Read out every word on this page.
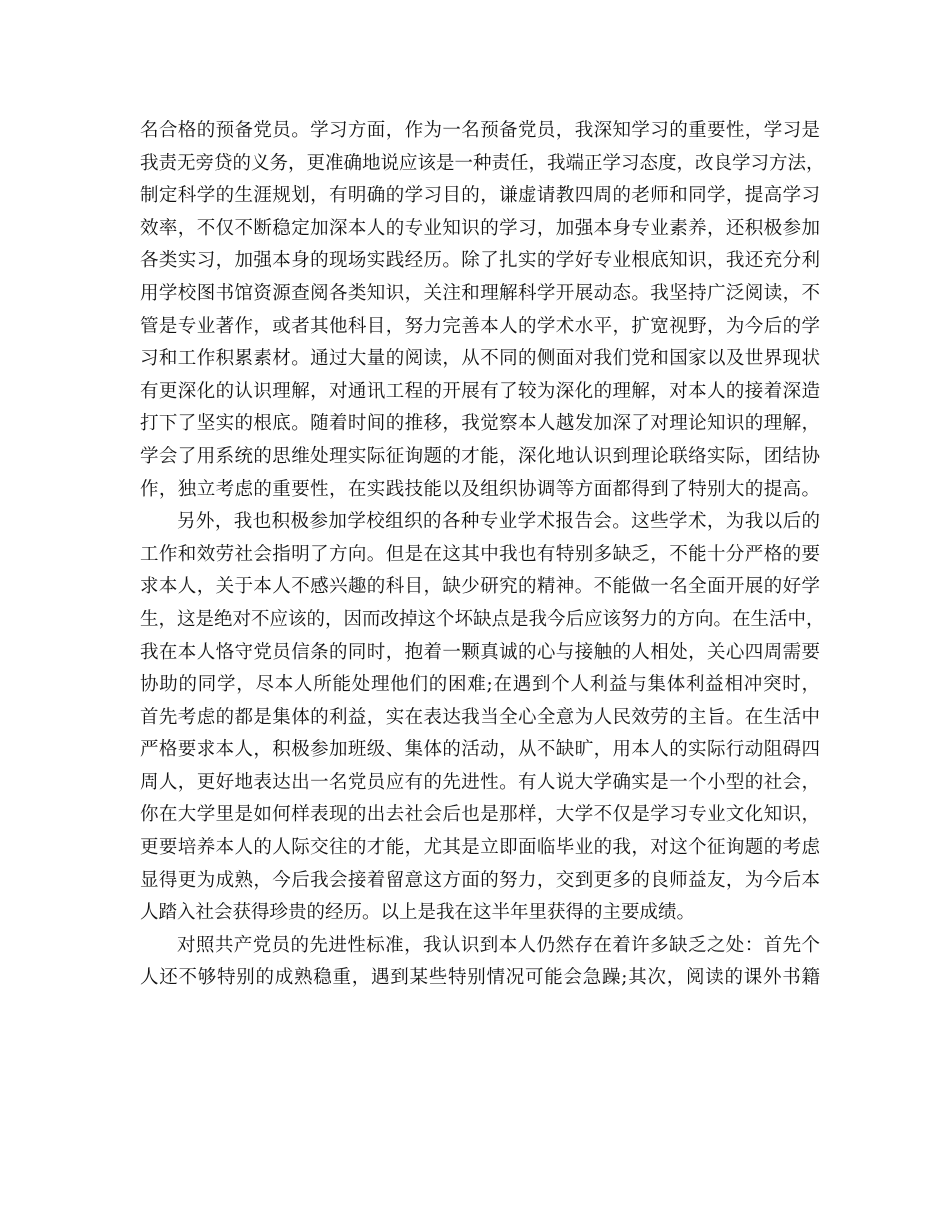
名合格的预备党员。学习方面，作为一名预备党员，我深知学习的重要性，学习是
我责无旁贷的义务，更准确地说应该是一种责任，我端正学习态度，改良学习方法，
制定科学的生涯规划，有明确的学习目的，谦虚请教四周的老师和同学，提高学习
效率，不仅不断稳定加深本人的专业知识的学习，加强本身专业素养，还积极参加
各类实习，加强本身的现场实践经历。除了扎实的学好专业根底知识，我还充分利
用学校图书馆资源查阅各类知识，关注和理解科学开展动态。我坚持广泛阅读，不
管是专业著作，或者其他科目，努力完善本人的学术水平，扩宽视野，为今后的学
习和工作积累素材。通过大量的阅读，从不同的侧面对我们党和国家以及世界现状
有更深化的认识理解，对通讯工程的开展有了较为深化的理解，对本人的接着深造
打下了坚实的根底。随着时间的推移，我觉察本人越发加深了对理论知识的理解，
学会了用系统的思维处理实际征询题的才能，深化地认识到理论联络实际，团结协
作，独立考虑的重要性，在实践技能以及组织协调等方面都得到了特别大的提高。
另外，我也积极参加学校组织的各种专业学术报告会。这些学术，为我以后的
工作和效劳社会指明了方向。但是在这其中我也有特别多缺乏，不能十分严格的要
求本人，关于本人不感兴趣的科目，缺少研究的精神。不能做一名全面开展的好学
生，这是绝对不应该的，因而改掉这个坏缺点是我今后应该努力的方向。在生活中，
我在本人恪守党员信条的同时，抱着一颗真诚的心与接触的人相处，关心四周需要
协助的同学，尽本人所能处理他们的困难;在遇到个人利益与集体利益相冲突时，
首先考虑的都是集体的利益，实在表达我当全心全意为人民效劳的主旨。在生活中
严格要求本人，积极参加班级、集体的活动，从不缺旷，用本人的实际行动阻碍四
周人，更好地表达出一名党员应有的先进性。有人说大学确实是一个小型的社会，
你在大学里是如何样表现的出去社会后也是那样，大学不仅是学习专业文化知识，
更要培养本人的人际交往的才能，尤其是立即面临毕业的我，对这个征询题的考虑
显得更为成熟，今后我会接着留意这方面的努力，交到更多的良师益友，为今后本
人踏入社会获得珍贵的经历。以上是我在这半年里获得的主要成绩。
对照共产党员的先进性标准，我认识到本人仍然存在着许多缺乏之处：首先个
人还不够特别的成熟稳重，遇到某些特别情况可能会急躁;其次，阅读的课外书籍
